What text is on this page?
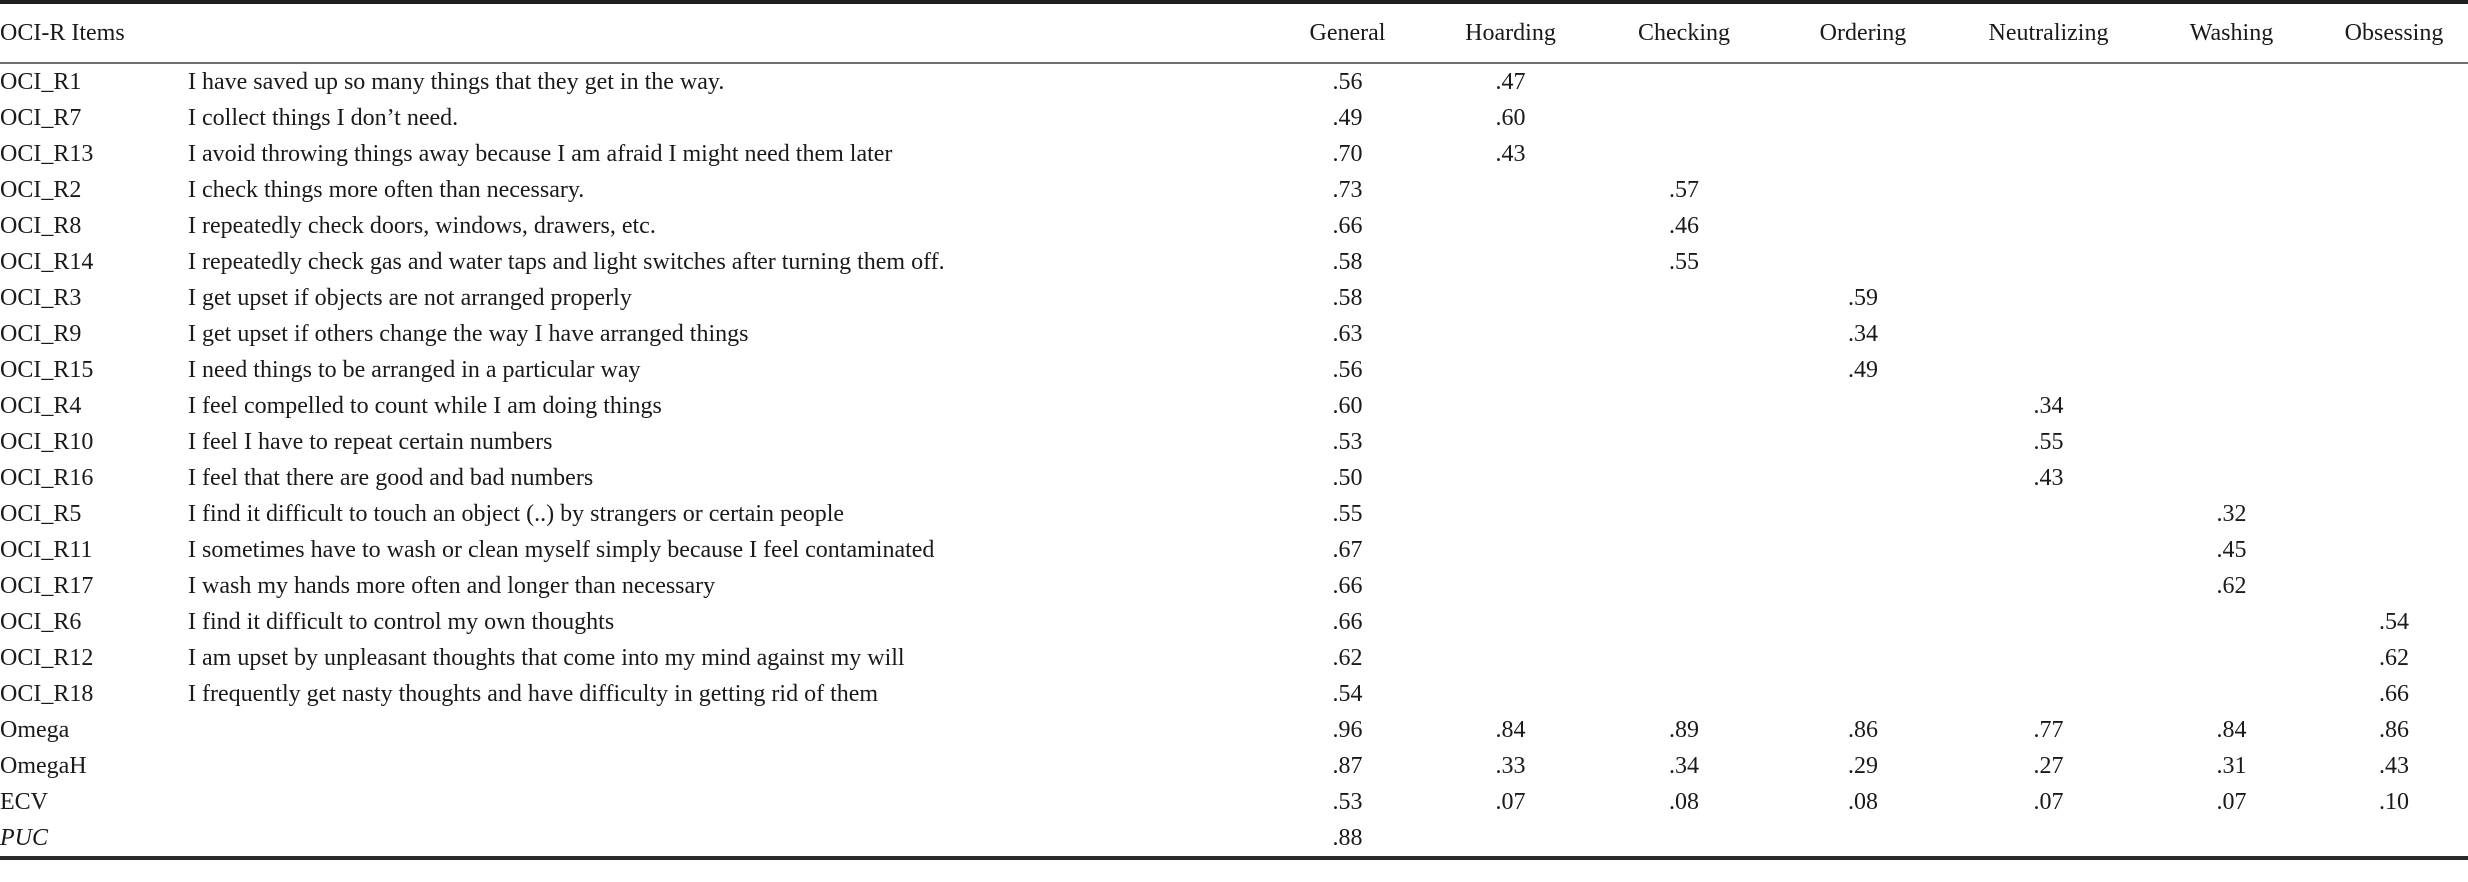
OCI-R Items		General	Hoarding	Checking	Ordering	Neutralizing	Washing	Obsessing
OCI_R1	I have saved up so many things that they get in the way.	.56	.47					
OCI_R7	I collect things I don’t need.	.49	.60					
OCI_R13	I avoid throwing things away because I am afraid I might need them later	.70	.43					
OCI_R2	I check things more often than necessary.	.73		.57				
OCI_R8	I repeatedly check doors, windows, drawers, etc.	.66		.46				
OCI_R14	I repeatedly check gas and water taps and light switches after turning them off.	.58		.55				
OCI_R3	I get upset if objects are not arranged properly	.58			.59			
OCI_R9	I get upset if others change the way I have arranged things	.63			.34			
OCI_R15	I need things to be arranged in a particular way	.56			.49			
OCI_R4	I feel compelled to count while I am doing things	.60				.34		
OCI_R10	I feel I have to repeat certain numbers	.53				.55		
OCI_R16	I feel that there are good and bad numbers	.50				.43		
OCI_R5	I find it difficult to touch an object (..) by strangers or certain people	.55					.32	
OCI_R11	I sometimes have to wash or clean myself simply because I feel contaminated	.67					.45	
OCI_R17	I wash my hands more often and longer than necessary	.66					.62	
OCI_R6	I find it difficult to control my own thoughts	.66						.54
OCI_R12	I am upset by unpleasant thoughts that come into my mind against my will	.62						.62
OCI_R18	I frequently get nasty thoughts and have difficulty in getting rid of them	.54						.66
Omega		.96	.84	.89	.86	.77	.84	.86
OmegaH		.87	.33	.34	.29	.27	.31	.43
ECV		.53	.07	.08	.08	.07	.07	.10
PUC		.88						
